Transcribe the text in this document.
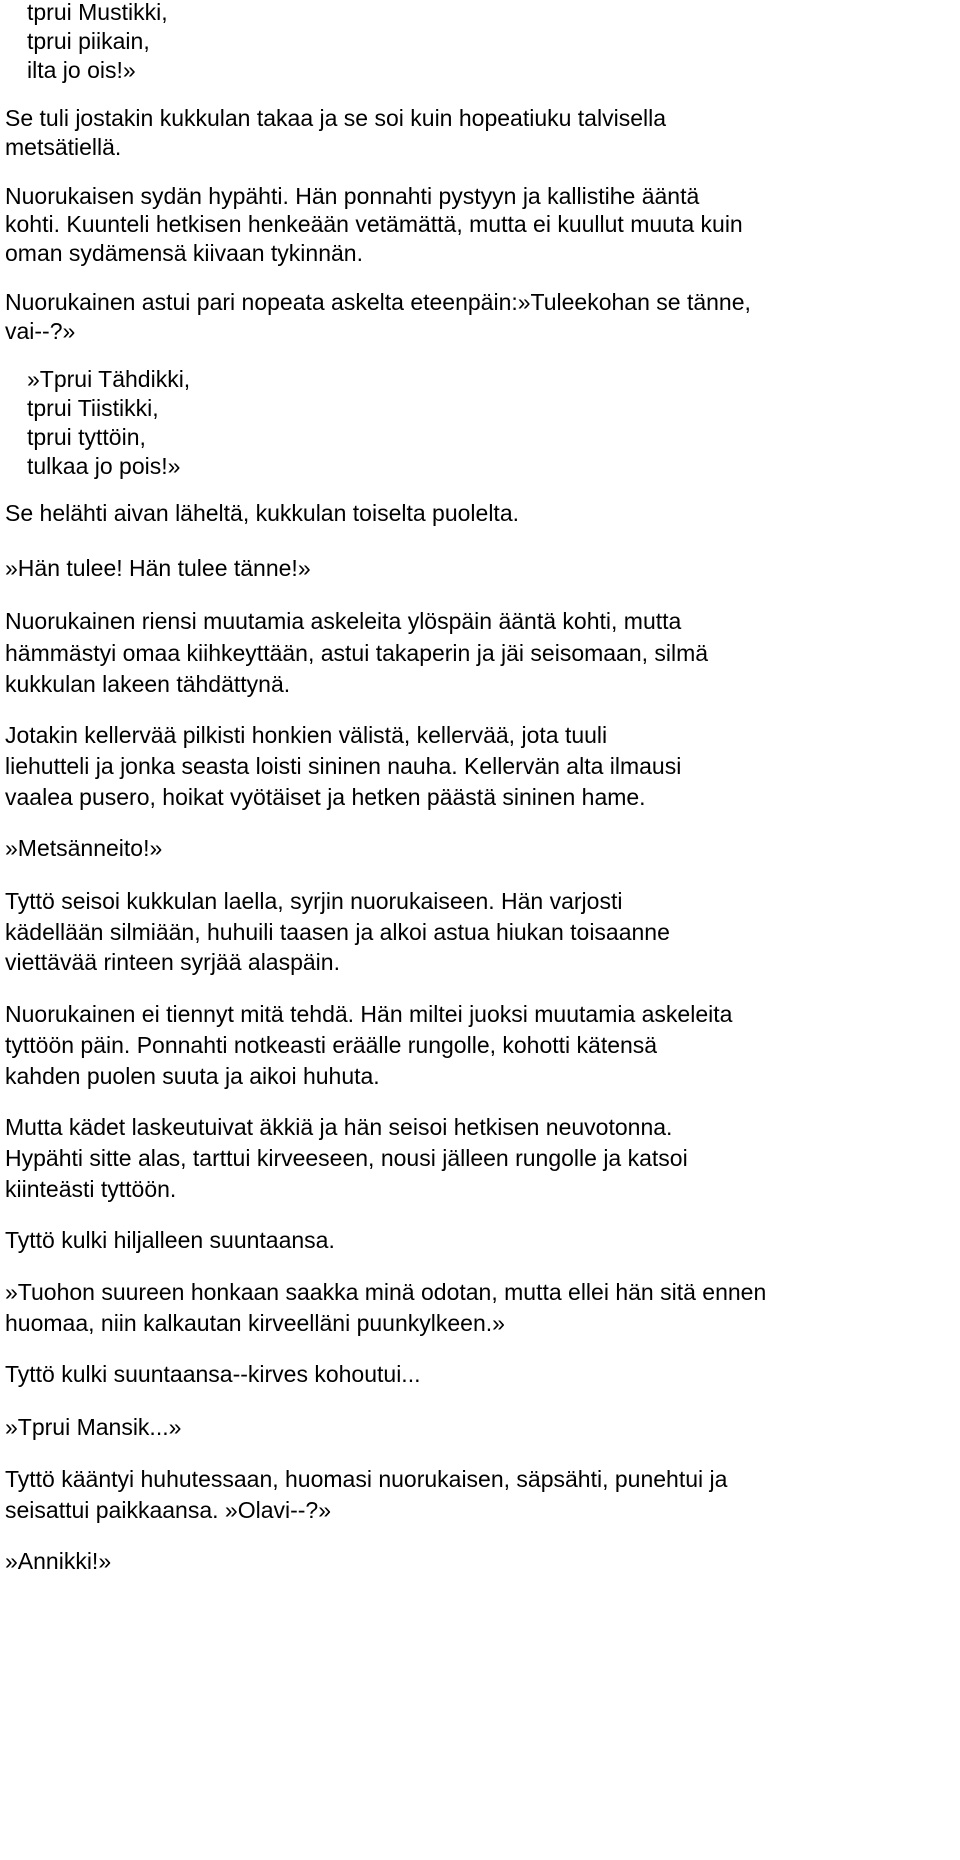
tprui Mustikki,
tprui piikain,
ilta jo ois!»
Se tuli jostakin kukkulan takaa ja se soi kuin hopeatiuku talvisella
metsätiellä.
Nuorukaisen sydän hypähti. Hän ponnahti pystyyn ja kallistihe ääntä
kohti. Kuunteli hetkisen henkeään vetämättä, mutta ei kuullut muuta kuin
oman sydämensä kiivaan tykinnän.
Nuorukainen astui pari nopeata askelta eteenpäin:»Tuleekohan se tänne,
vai--?»
»Tprui Tähdikki,
tprui Tiistikki,
tprui tyttöin,
tulkaa jo pois!»
Se helähti aivan läheltä, kukkulan toiselta puolelta.
»Hän tulee! Hän tulee tänne!»
Nuorukainen riensi muutamia askeleita ylöspäin ääntä kohti, mutta
hämmästyi omaa kiihkeyttään, astui takaperin ja jäi seisomaan, silmä
kukkulan lakeen tähdättynä.
Jotakin kellervää pilkisti honkien välistä, kellervää, jota tuuli
liehutteli ja jonka seasta loisti sininen nauha. Kellervän alta ilmausi
vaalea pusero, hoikat vyötäiset ja hetken päästä sininen hame.
»Metsänneito!»
Tyttö seisoi kukkulan laella, syrjin nuorukaiseen. Hän varjosti
kädellään silmiään, huhuili taasen ja alkoi astua hiukan toisaanne
viettävää rinteen syrjää alaspäin.
Nuorukainen ei tiennyt mitä tehdä. Hän miltei juoksi muutamia askeleita
tyttöön päin. Ponnahti notkeasti eräälle rungolle, kohotti kätensä
kahden puolen suuta ja aikoi huhuta.
Mutta kädet laskeutuivat äkkiä ja hän seisoi hetkisen neuvotonna.
Hypähti sitte alas, tarttui kirveeseen, nousi jälleen rungolle ja katsoi
kiinteästi tyttöön.
Tyttö kulki hiljalleen suuntaansa.
»Tuohon suureen honkaan saakka minä odotan, mutta ellei hän sitä ennen
huomaa, niin kalkautan kirveelläni puunkylkeen.»
Tyttö kulki suuntaansa--kirves kohoutui...
»Tprui Mansik...»
Tyttö kääntyi huhutessaan, huomasi nuorukaisen, säpsähti, punehtui ja
seisattui paikkaansa. »Olavi--?»
»Annikki!»
